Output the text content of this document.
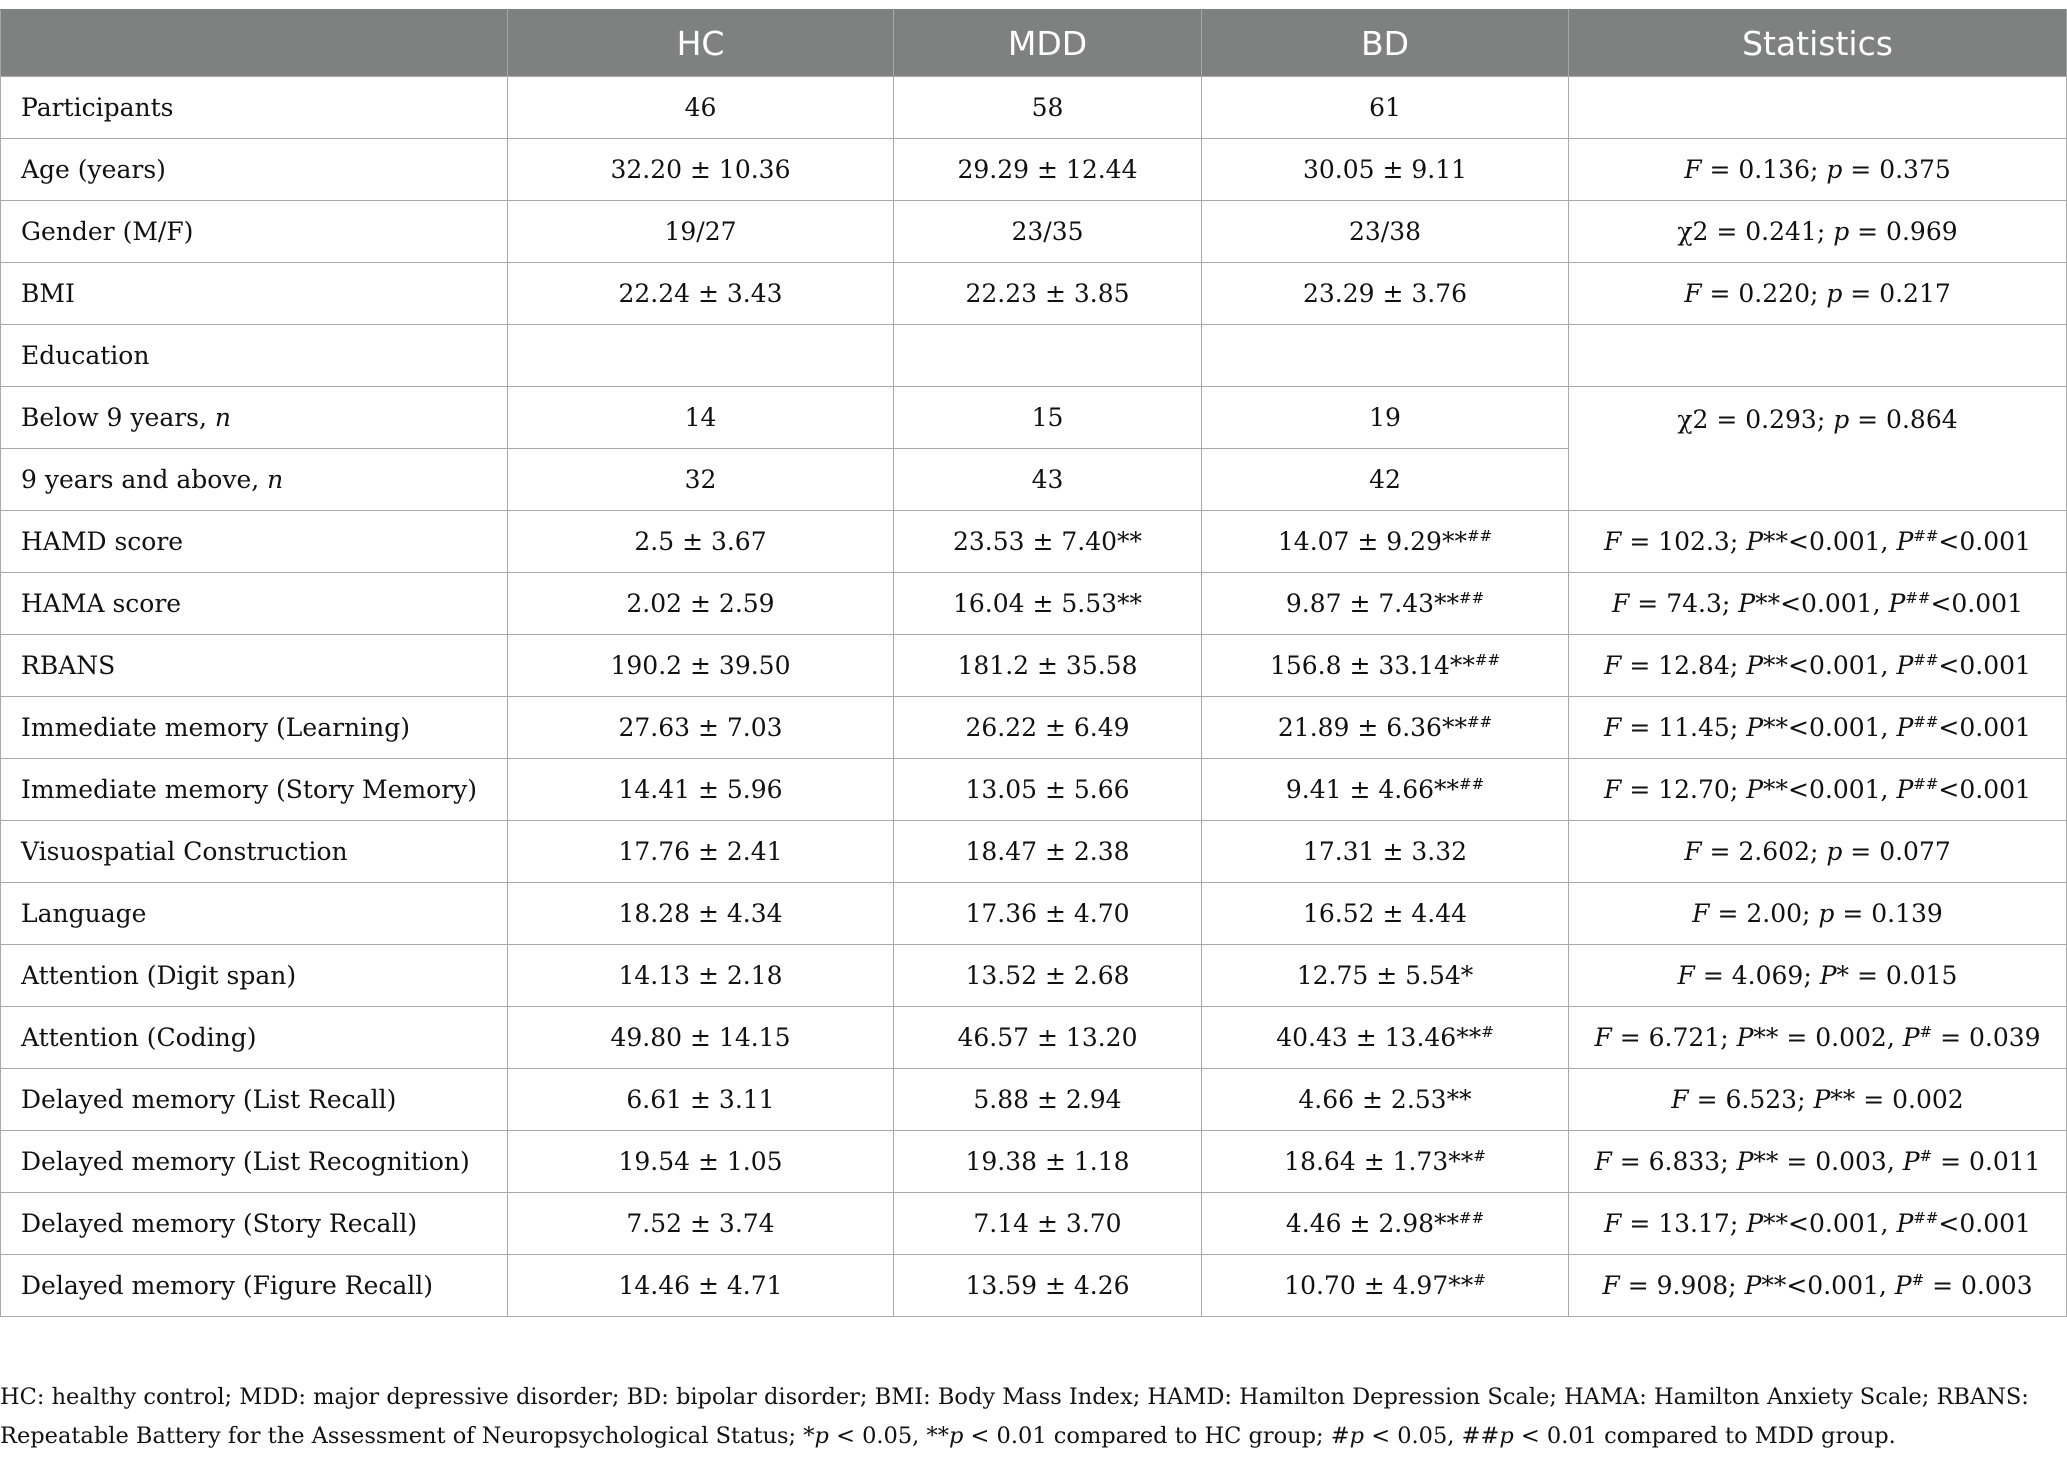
	HC	MDD	BD	Statistics
Participants	46	58	61	
Age (years)	32.20 ± 10.36	29.29 ± 12.44	30.05 ± 9.11	F = 0.136; p = 0.375
Gender (M/F)	19/27	23/35	23/38	χ2 = 0.241; p = 0.969
BMI	22.24 ± 3.43	22.23 ± 3.85	23.29 ± 3.76	F = 0.220; p = 0.217
Education				
Below 9 years, n	14	15	19	χ2 = 0.293; p = 0.864
9 years and above, n	32	43	42	
HAMD score	2.5 ± 3.67	23.53 ± 7.40**	14.07 ± 9.29**##	F = 102.3; P**<0.001, P##<0.001
HAMA score	2.02 ± 2.59	16.04 ± 5.53**	9.87 ± 7.43**##	F = 74.3; P**<0.001, P##<0.001
RBANS	190.2 ± 39.50	181.2 ± 35.58	156.8 ± 33.14**##	F = 12.84; P**<0.001, P##<0.001
Immediate memory (Learning)	27.63 ± 7.03	26.22 ± 6.49	21.89 ± 6.36**##	F = 11.45; P**<0.001, P##<0.001
Immediate memory (Story Memory)	14.41 ± 5.96	13.05 ± 5.66	9.41 ± 4.66**##	F = 12.70; P**<0.001, P##<0.001
Visuospatial Construction	17.76 ± 2.41	18.47 ± 2.38	17.31 ± 3.32	F = 2.602; p = 0.077
Language	18.28 ± 4.34	17.36 ± 4.70	16.52 ± 4.44	F = 2.00; p = 0.139
Attention (Digit span)	14.13 ± 2.18	13.52 ± 2.68	12.75 ± 5.54*	F = 4.069; P* = 0.015
Attention (Coding)	49.80 ± 14.15	46.57 ± 13.20	40.43 ± 13.46**#	F = 6.721; P** = 0.002, P# = 0.039
Delayed memory (List Recall)	6.61 ± 3.11	5.88 ± 2.94	4.66 ± 2.53**	F = 6.523; P** = 0.002
Delayed memory (List Recognition)	19.54 ± 1.05	19.38 ± 1.18	18.64 ± 1.73**#	F = 6.833; P** = 0.003, P# = 0.011
Delayed memory (Story Recall)	7.52 ± 3.74	7.14 ± 3.70	4.46 ± 2.98**##	F = 13.17; P**<0.001, P##<0.001
Delayed memory (Figure Recall)	14.46 ± 4.71	13.59 ± 4.26	10.70 ± 4.97**#	F = 9.908; P**<0.001, P# = 0.003
HC: healthy control; MDD: major depressive disorder; BD: bipolar disorder; BMI: Body Mass Index; HAMD: Hamilton Depression Scale; HAMA: Hamilton Anxiety Scale; RBANS: Repeatable Battery for the Assessment of Neuropsychological Status; *p < 0.05, **p < 0.01 compared to HC group; #p < 0.05, ##p < 0.01 compared to MDD group.
